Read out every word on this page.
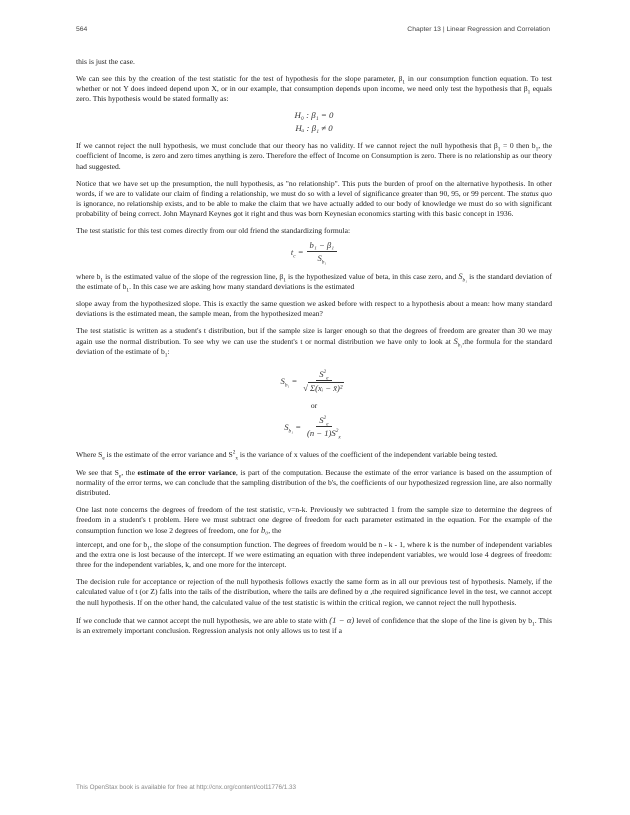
564	Chapter 13 | Linear Regression and Correlation

this is just the case.

We can see this by the creation of the test statistic for the test of hypothesis for the slope parameter, $\beta_1$ in our consumption function equation. To test whether or not Y does indeed depend upon X, or in our example, that consumption depends upon income, we need only test the hypothesis that $\beta_1$ equals zero. This hypothesis would be stated formally as:

H₀ : β₁ = 0
Hₐ : β₁ ≠ 0

If we cannot reject the null hypothesis, we must conclude that our theory has no validity. If we cannot reject the null hypothesis that $\beta_1 = 0$ then $b_1$, the coefficient of Income, is zero and zero times anything is zero. Therefore the effect of Income on Consumption is zero. There is no relationship as our theory had suggested.

Notice that we have set up the presumption, the null hypothesis, as "no relationship". This puts the burden of proof on the alternative hypothesis. In other words, if we are to validate our claim of finding a relationship, we must do so with a level of significance greater than 90, 95, or 99 percent. The status quo is ignorance, no relationship exists, and to be able to make the claim that we have actually added to our body of knowledge we must do so with significant probability of being correct. John Maynard Keynes got it right and thus was born Keynesian economics starting with this basic concept in 1936.

The test statistic for this test comes directly from our old friend the standardizing formula:

$t_c = \frac{\text{b₁ − β₁}}{S_{b_1}}$

where $b_1$ is the estimated value of the slope of the regression line, $\beta_1$ is the hypothesized value of beta, in this case zero, and $S_{b_1}$ is the standard deviation of the estimate of $b_1$. In this case we are asking how many standard deviations is the estimated

slope away from the hypothesized slope. This is exactly the same question we asked before with respect to a hypothesis about a mean: how many standard deviations is the estimated mean, the sample mean, from the hypothesized mean?

The test statistic is written as a student's t distribution, but if the sample size is larger enough so that the degrees of freedom are greater than 30 we may again use the normal distribution. To see why we can use the student's t or normal distribution we have only to look at $S_{b_1},the$ formula for the standard deviation of the estimate of $b_1$:

$S_{b_1} = \frac{S^2_e}{\text{√ Σ(xᵢ − x̄)²}}$
or
$S_{b_1} = \frac{S^2_e}{(n - 1)S^2_x}$

Where $S_e$ is the estimate of the error variance and $S^2_x$ is the variance of x values of the coefficient of the independent variable being tested.

We see that $S_e$, the estimate of the error variance, is part of the computation. Because the estimate of the error variance is based on the assumption of normality of the error terms, we can conclude that the sampling distribution of the b's, the coefficients of our hypothesized regression line, are also normally distributed.

One last note concerns the degrees of freedom of the test statistic, ν=n-k. Previously we subtracted 1 from the sample size to determine the degrees of freedom in a student's t problem. Here we must subtract one degree of freedom for each parameter estimated in the equation. For the example of the consumption function we lose 2 degrees of freedom, one for b₀, the

intercept, and one for $b_1$, the slope of the consumption function. The degrees of freedom would be n - k - 1, where k is the number of independent variables and the extra one is lost because of the intercept. If we were estimating an equation with three independent variables, we would lose 4 degrees of freedom: three for the independent variables, k, and one more for the intercept.

The decision rule for acceptance or rejection of the null hypothesis follows exactly the same form as in all our previous test of hypothesis. Namely, if the calculated value of t (or Z) falls into the tails of the distribution, where the tails are defined by α ,the required significance level in the test, we cannot accept the null hypothesis. If on the other hand, the calculated value of the test statistic is within the critical region, we cannot reject the null hypothesis.

If we conclude that we cannot accept the null hypothesis, we are able to state with (1 − α) level of confidence that the slope of the line is given by $b_1$. This is an extremely important conclusion. Regression analysis not only allows us to test if a

This OpenStax book is available for free at http://cnx.org/content/col11776/1.33
